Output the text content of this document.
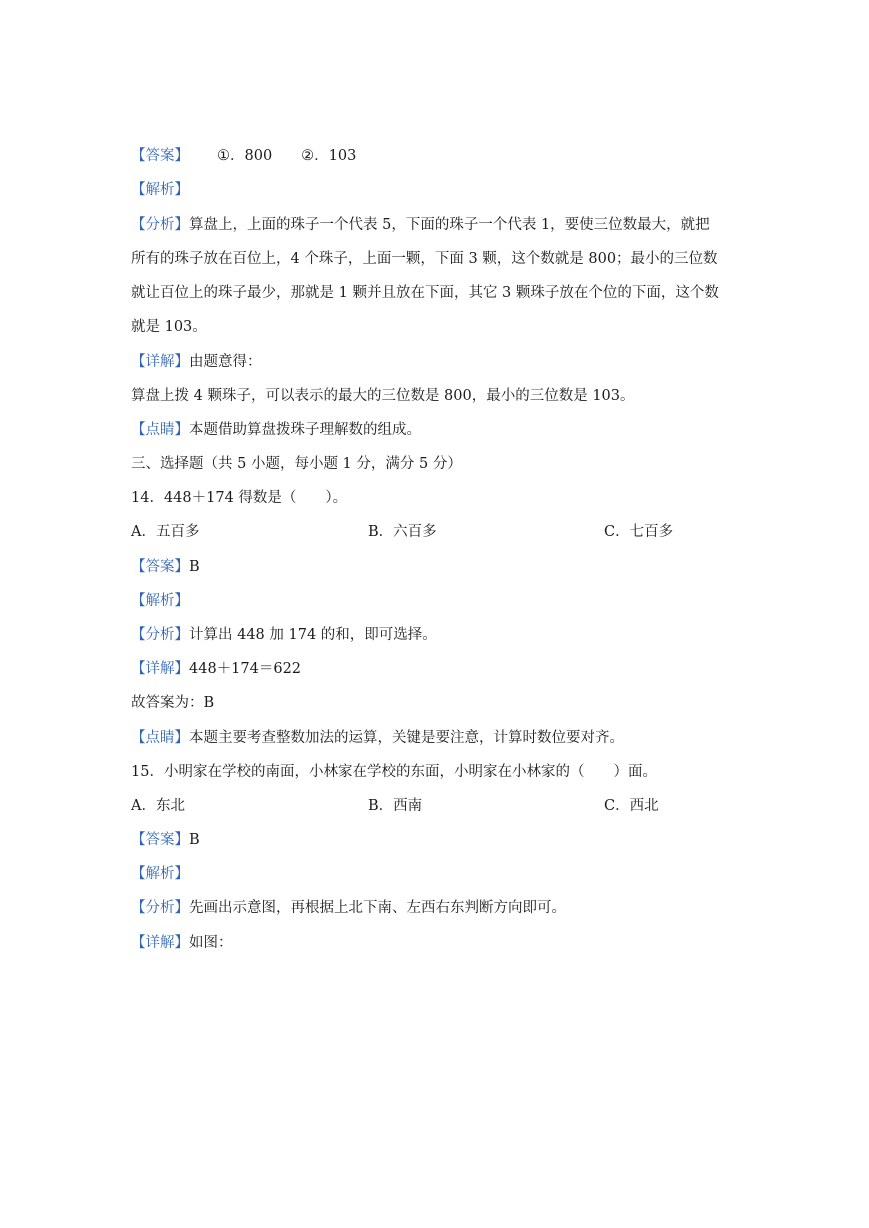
【答案】 ①．800　　②．103
【解析】
【分析】算盘上，上面的珠子一个代表 5，下面的珠子一个代表 1，要使三位数最大，就把
所有的珠子放在百位上，4 个珠子，上面一颗，下面 3 颗，这个数就是 800；最小的三位数
就让百位上的珠子最少，那就是 1 颗并且放在下面，其它 3 颗珠子放在个位的下面，这个数
就是 103。
【详解】由题意得：
算盘上拨 4 颗珠子，可以表示的最大的三位数是 800，最小的三位数是 103。
【点睛】本题借助算盘拨珠子理解数的组成。
三、选择题（共 5 小题，每小题 1 分，满分 5 分）
14．448＋174 得数是（　　）。
A．五百多	B．六百多	C．七百多
【答案】B
【解析】
【分析】计算出 448 加 174 的和，即可选择。
【详解】448＋174＝622
故答案为：B
【点睛】本题主要考查整数加法的运算，关键是要注意，计算时数位要对齐。
15．小明家在学校的南面，小林家在学校的东面，小明家在小林家的（　　）面。
A．东北	B．西南	C．西北
【答案】B
【解析】
【分析】先画出示意图，再根据上北下南、左西右东判断方向即可。
【详解】如图：
